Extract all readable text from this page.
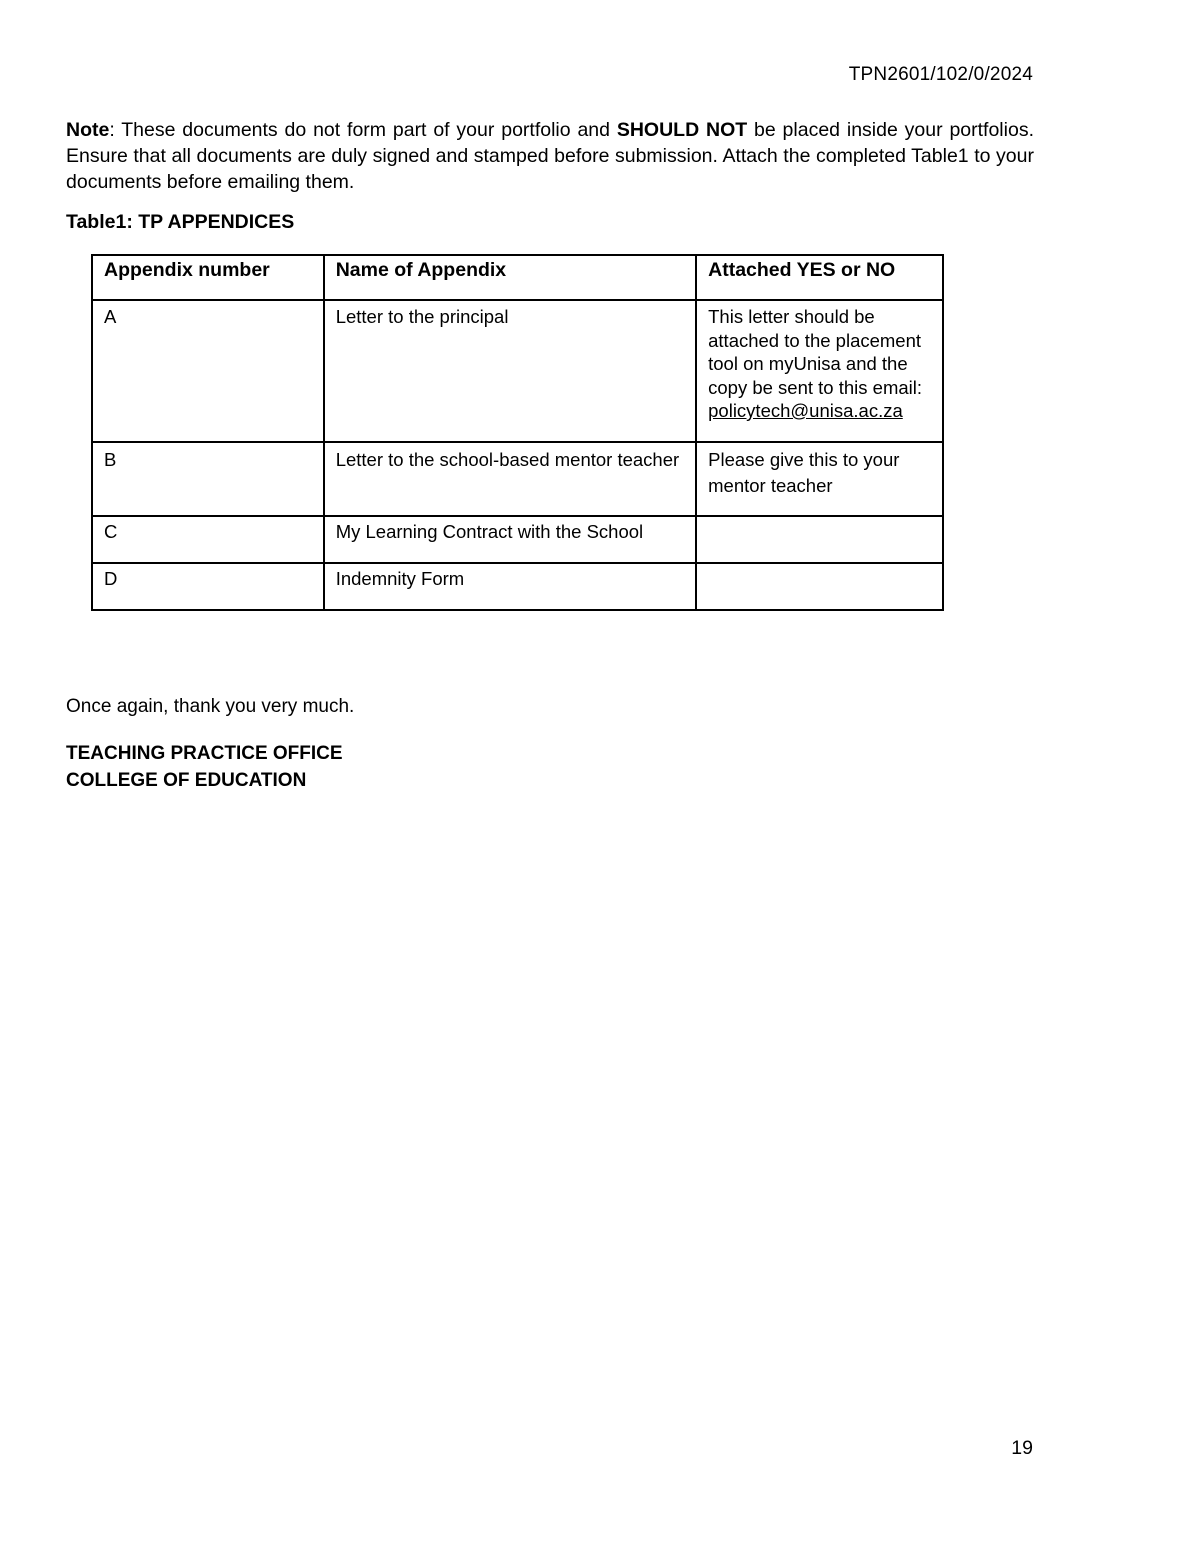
TPN2601/102/0/2024

Note: These documents do not form part of your portfolio and SHOULD NOT be placed inside your portfolios. Ensure that all documents are duly signed and stamped before submission. Attach the completed Table1 to your documents before emailing them.

Table1: TP APPENDICES
Appendix number	Name of Appendix	Attached YES or NO
A	Letter to the principal	This letter should be attached to the placement tool on myUnisa and the copy be sent to this email: policytech@unisa.ac.za
B	Letter to the school-based mentor teacher	Please give this to your mentor teacher
C	My Learning Contract with the School	
D	Indemnity Form	
Once again, thank you very much.
TEACHING PRACTICE OFFICE
COLLEGE OF EDUCATION
19
